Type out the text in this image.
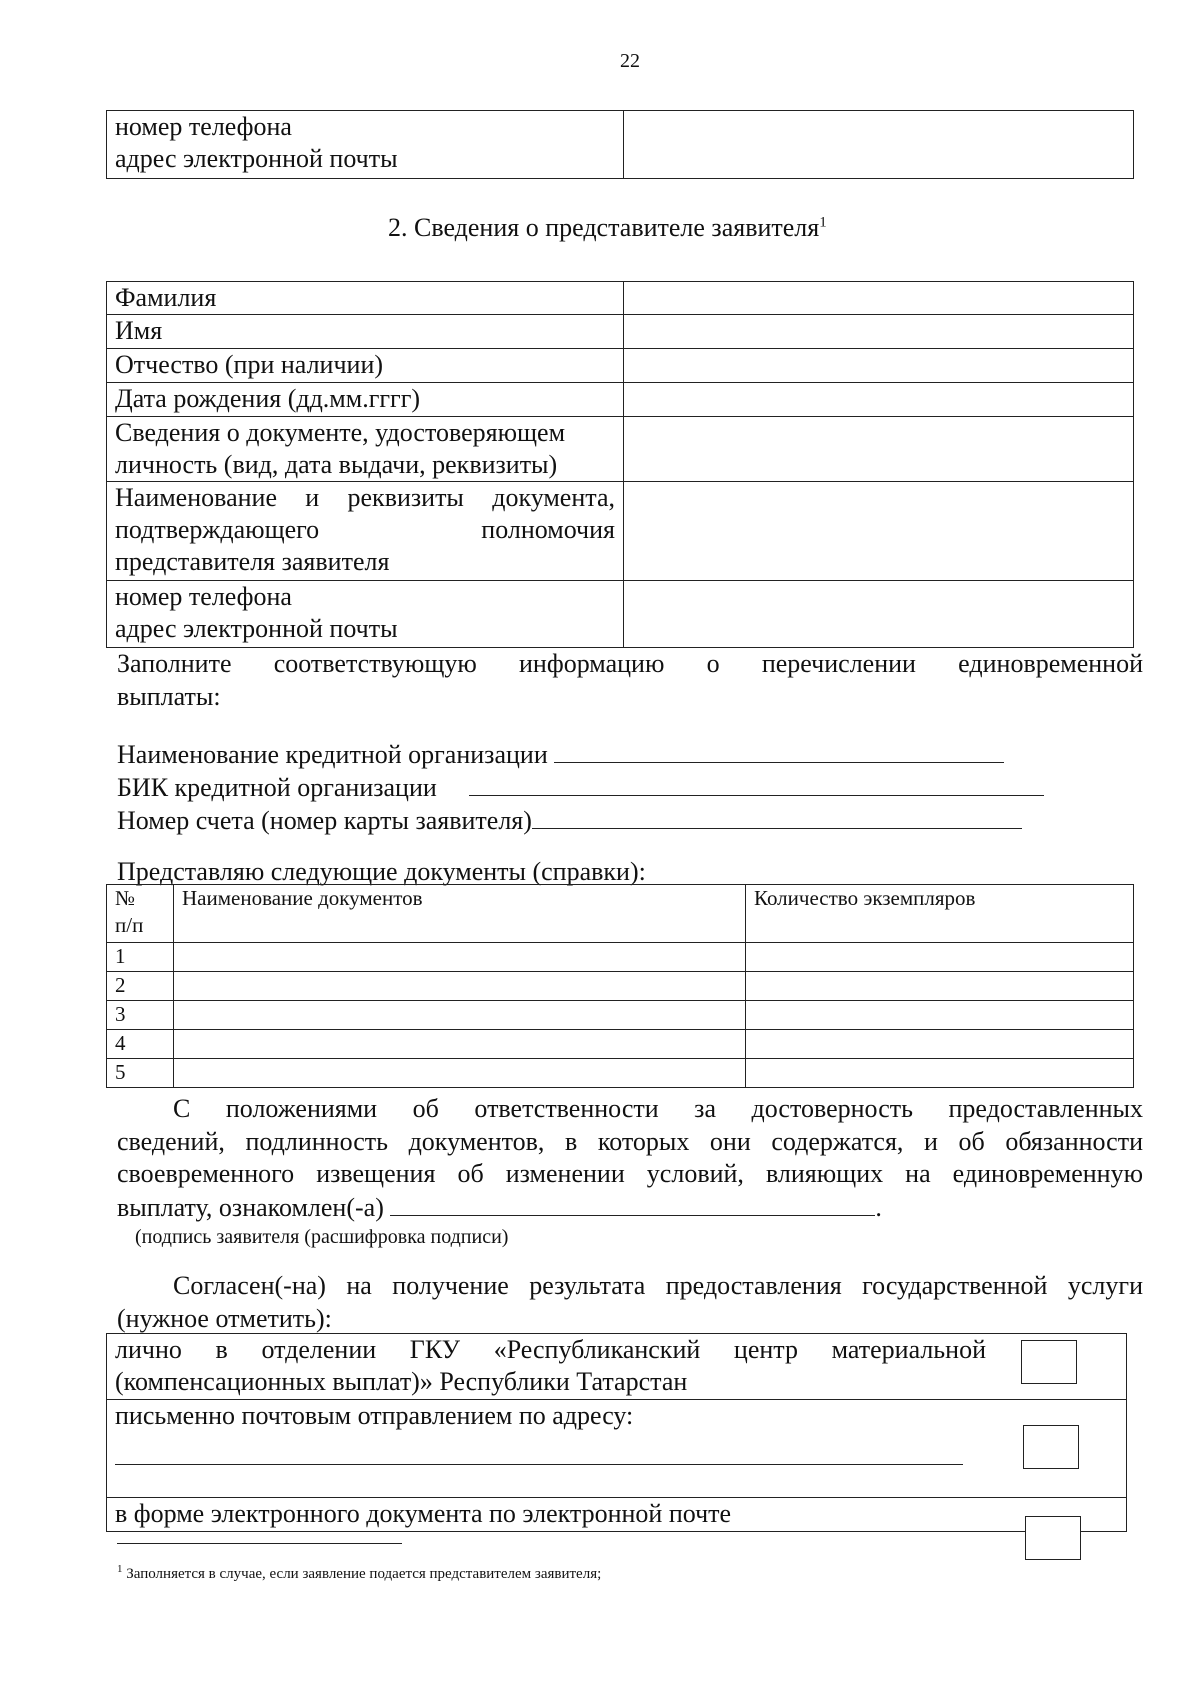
22
номер телефона
адрес электронной почты

2. Сведения о представителе заявителя$^1$
Фамилия	
Имя	
Отчество (при наличии)	
Дата рождения (дд.мм.гггг)	

Сведения о документе, удостоверяющем
личность (вид, дата выдачи, реквизиты)	

Наименование и реквизиты документа,
подтверждающего полномочия
представителя заявителя	

номер телефона
адрес электронной почты	

Заполните соответствующую информацию о перечислении единовременной
выплаты:
Наименование кредитной организации
БИК кредитной организации
Номер счета (номер карты заявителя)
Представляю следующие документы (справки):
№
п/п	Наименование документов	Количество экземпляров
1		
2		
3		
4		
5		
С положениями об ответственности за достоверность предоставленных
сведений, подлинность документов, в которых они содержатся, и об обязанности
своевременного извещения об изменении условий, влияющих на единовременную
выплату, ознакомлен(-а)	.
(подпись заявителя (расшифровка подписи)
Согласен(-на) на получение результата предоставления государственной услуги
(нужное отметить):
лично в отделении ГКУ «Республиканский центр материальной
(компенсационных выплат)» Республики Татарстан

письменно почтовым отправлением по адресу:

в форме электронного документа по электронной почте
$^1$ Заполняется в случае, если заявление подается представителем заявителя;
